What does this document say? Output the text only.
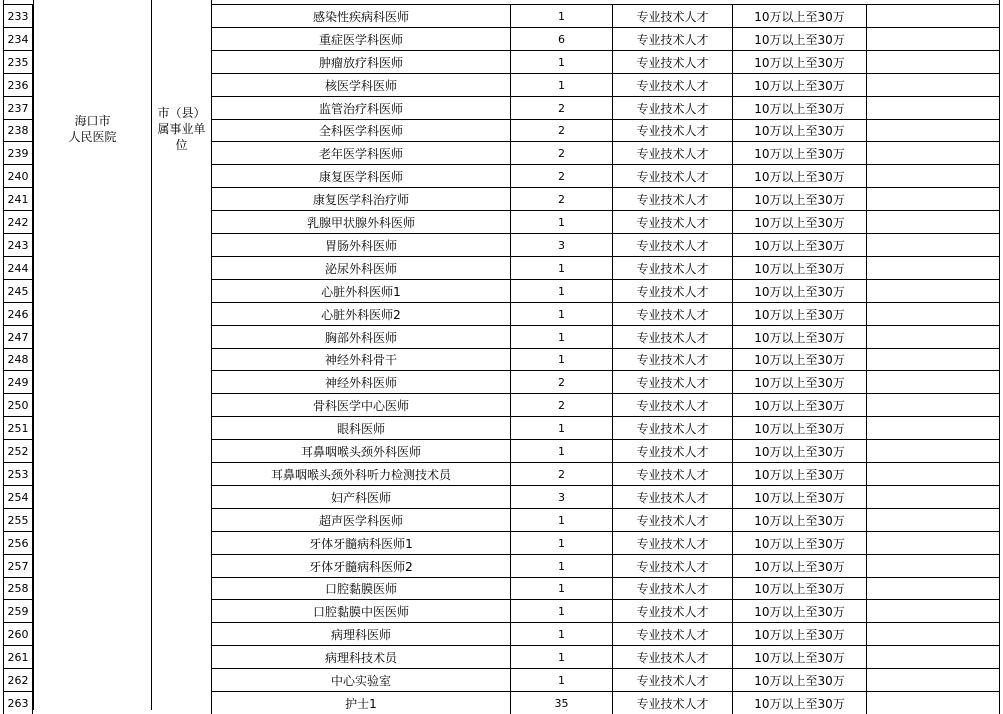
海口市
人民医院
市（县）
属事业单
位
233	感染性疾病科医师	1	专业技术人才	10万以上至30万
234	重症医学科医师	6	专业技术人才	10万以上至30万
235	肿瘤放疗科医师	1	专业技术人才	10万以上至30万
236	核医学科医师	1	专业技术人才	10万以上至30万
237	监管治疗科医师	2	专业技术人才	10万以上至30万
238	全科医学科医师	2	专业技术人才	10万以上至30万
239	老年医学科医师	2	专业技术人才	10万以上至30万
240	康复医学科医师	2	专业技术人才	10万以上至30万
241	康复医学科治疗师	2	专业技术人才	10万以上至30万
242	乳腺甲状腺外科医师	1	专业技术人才	10万以上至30万
243	胃肠外科医师	3	专业技术人才	10万以上至30万
244	泌尿外科医师	1	专业技术人才	10万以上至30万
245	心脏外科医师1	1	专业技术人才	10万以上至30万
246	心脏外科医师2	1	专业技术人才	10万以上至30万
247	胸部外科医师	1	专业技术人才	10万以上至30万
248	神经外科骨干	1	专业技术人才	10万以上至30万
249	神经外科医师	2	专业技术人才	10万以上至30万
250	骨科医学中心医师	2	专业技术人才	10万以上至30万
251	眼科医师	1	专业技术人才	10万以上至30万
252	耳鼻咽喉头颈外科医师	1	专业技术人才	10万以上至30万
253	耳鼻咽喉头颈外科听力检测技术员	2	专业技术人才	10万以上至30万
254	妇产科医师	3	专业技术人才	10万以上至30万
255	超声医学科医师	1	专业技术人才	10万以上至30万
256	牙体牙髓病科医师1	1	专业技术人才	10万以上至30万
257	牙体牙髓病科医师2	1	专业技术人才	10万以上至30万
258	口腔黏膜医师	1	专业技术人才	10万以上至30万
259	口腔黏膜中医医师	1	专业技术人才	10万以上至30万
260	病理科医师	1	专业技术人才	10万以上至30万
261	病理科技术员	1	专业技术人才	10万以上至30万
262	中心实验室	1	专业技术人才	10万以上至30万
263	护士1	35	专业技术人才	10万以上至30万
